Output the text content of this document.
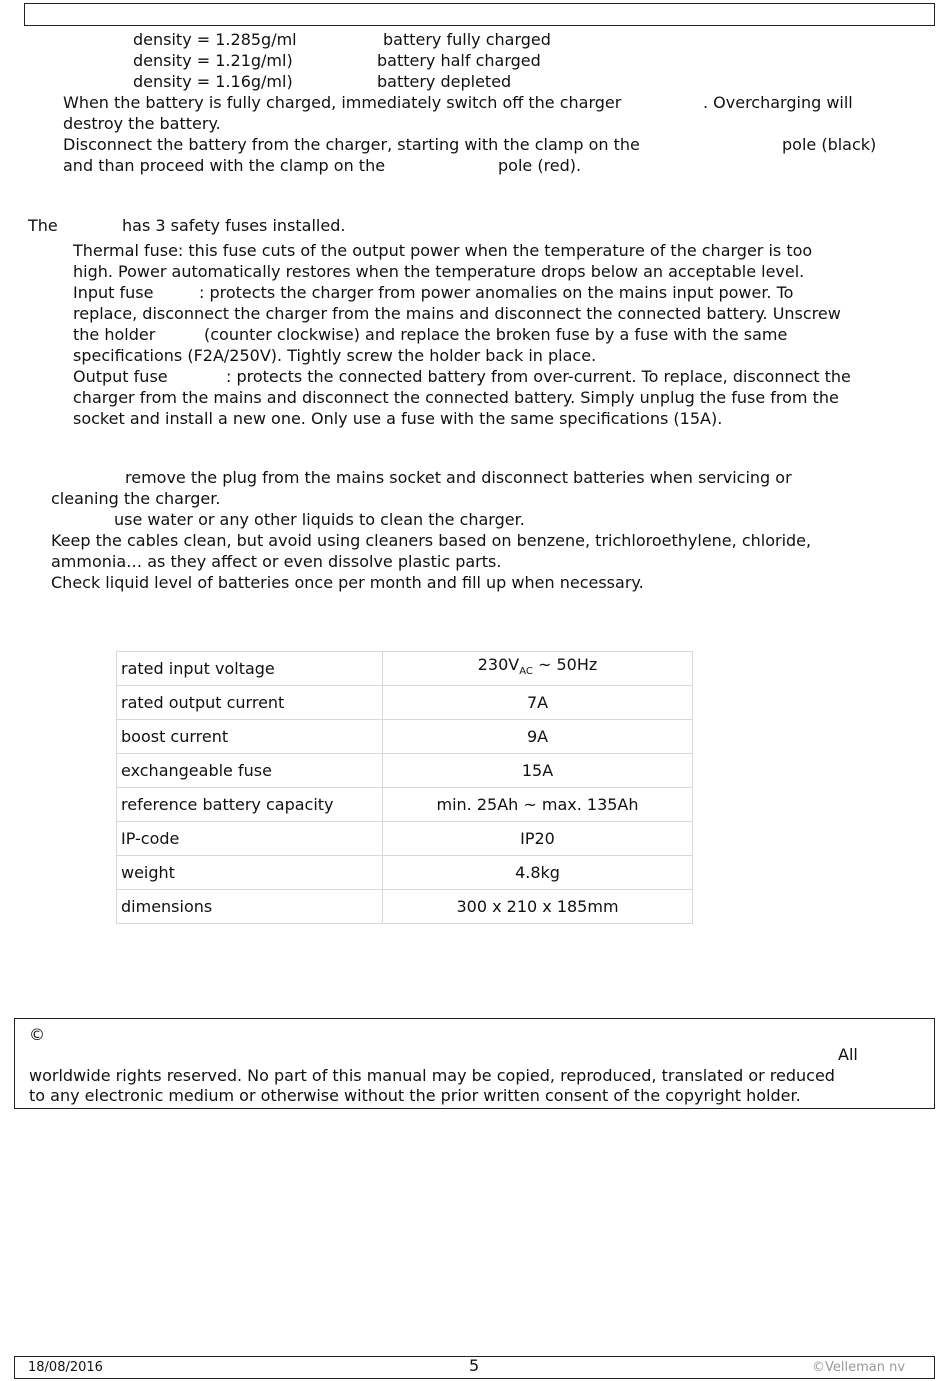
density = 1.285g/ml	battery fully charged
density = 1.21g/ml)	battery half charged
density = 1.16g/ml)	battery depleted
When the battery is fully charged, immediately switch off the charger	. Overcharging will
destroy the battery.
Disconnect the battery from the charger, starting with the clamp on the	pole (black)
and than proceed with the clamp on the	pole (red).
The	has 3 safety fuses installed.
Thermal fuse: this fuse cuts of the output power when the temperature of the charger is too
high. Power automatically restores when the temperature drops below an acceptable level.
Input fuse	: protects the charger from power anomalies on the mains input power. To
replace, disconnect the charger from the mains and disconnect the connected battery. Unscrew
the holder	(counter clockwise) and replace the broken fuse by a fuse with the same
specifications (F2A/250V). Tightly screw the holder back in place.
Output fuse	: protects the connected battery from over-current. To replace, disconnect the
charger from the mains and disconnect the connected battery. Simply unplug the fuse from the
socket and install a new one. Only use a fuse with the same specifications (15A).
remove the plug from the mains socket and disconnect batteries when servicing or
cleaning the charger.
use water or any other liquids to clean the charger.
Keep the cables clean, but avoid using cleaners based on benzene, trichloroethylene, chloride,
ammonia… as they affect or even dissolve plastic parts.
Check liquid level of batteries once per month and fill up when necessary.
rated input voltage	$230V_{AC}$ ~ 50Hz
rated output current	7A
boost current	9A
exchangeable fuse	15A
reference battery capacity	min. 25Ah ~ max. 135Ah
IP-code	IP20
weight	4.8kg
dimensions	300 x 210 x 185mm
©
All
worldwide rights reserved. No part of this manual may be copied, reproduced, translated or reduced
to any electronic medium or otherwise without the prior written consent of the copyright holder.
18/08/2016	5	©Velleman nv
